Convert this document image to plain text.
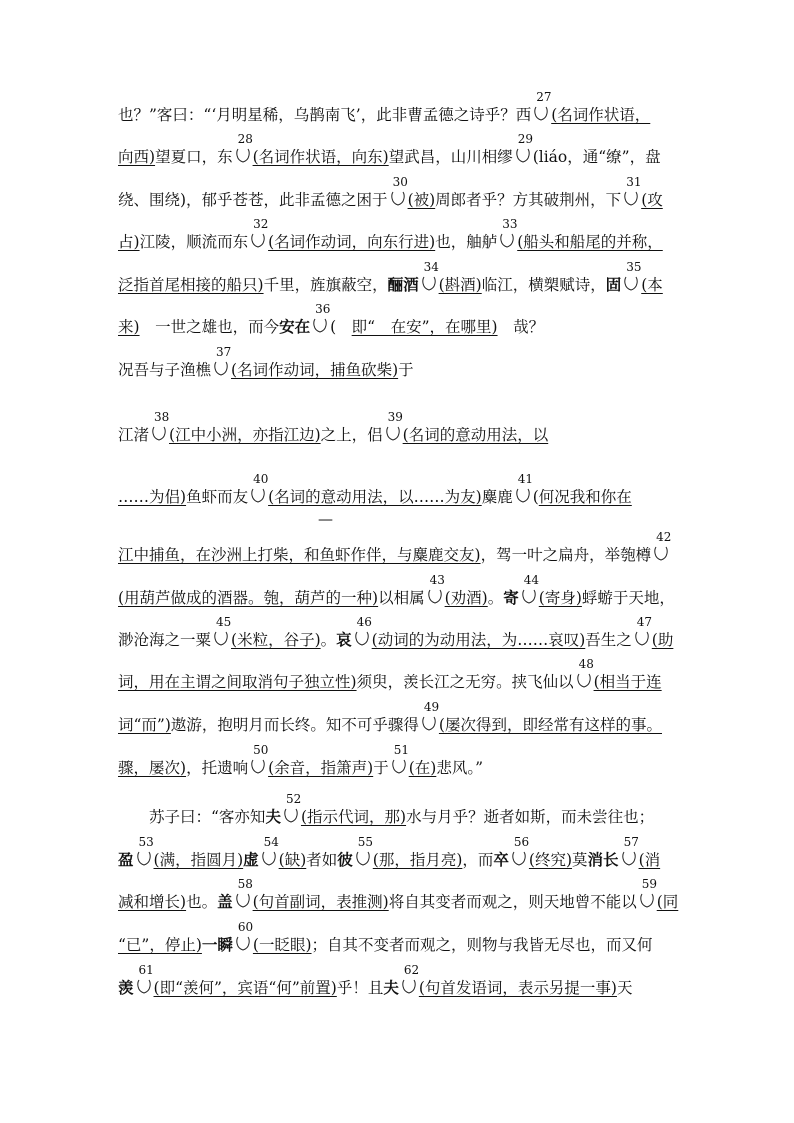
也？”客曰：“‘月明星稀，乌鹊南飞’，此非曹孟德之诗乎？西
27
(名词作状语，
向西)望夏口，东
28
(名词作状语，向东)望武昌，山川相缪
29
(liáo，通“缭”，盘
绕、围绕)，郁乎苍苍，此非孟德之困于
30
(被)周郎者乎？方其破荆州，下
31
(攻
占)江陵，顺流而东
32
(名词作动词，向东行进)也，舳舻
33
(船头和船尾的并称，
泛指首尾相接的船只)千里，旌旗蔽空，酾酒
34
(斟酒)临江，横槊赋诗，固
35
(本
来)　一世之雄也，而今安在
36
(　即“　在安”，在哪里)　哉？
况吾与子渔樵
37
(名词作动词，捕鱼砍柴)于
江渚
38
(江中小洲，亦指江边)之上，侣
39
(名词的意动用法，以
……为侣)鱼虾而友
40
(名词的意动用法，以……为友)麋鹿
41
(何况我和你在
江中捕鱼，在沙洲上打柴，和鱼虾作伴，与麋鹿交友)，驾一叶之扁舟，举匏樽
42
(用葫芦做成的酒器。匏，葫芦的一种)以相属
43
(劝酒)。寄
44
(寄身)蜉蝣于天地，
渺沧海之一粟
45
(米粒，谷子)。哀
46
(动词的为动用法，为……哀叹)吾生之
47
(助
词，用在主谓之间取消句子独立性)须臾，羡长江之无穷。挟飞仙以
48
(相当于连
词“而”)遨游，抱明月而长终。知不可乎骤得
49
(屡次得到，即经常有这样的事。
骤，屡次)，托遗响
50
(余音，指箫声)于
51
(在)悲风。”
　　苏子曰：“客亦知夫
52
(指示代词，那)水与月乎？逝者如斯，而未尝往也；
盈
53
(满，指圆月)虚
54
(缺)者如彼
55
(那，指月亮)，而卒
56
(终究)莫消长
57
(消
减和增长)也。盖
58
(句首副词，表推测)将自其变者而观之，则天地曾不能以
59
(同
“已”，停止)一瞬
60
(一眨眼)；自其不变者而观之，则物与我皆无尽也，而又何
羡
61
(即“羡何”，宾语“何”前置)乎！且夫
62
(句首发语词，表示另提一事)天
—
